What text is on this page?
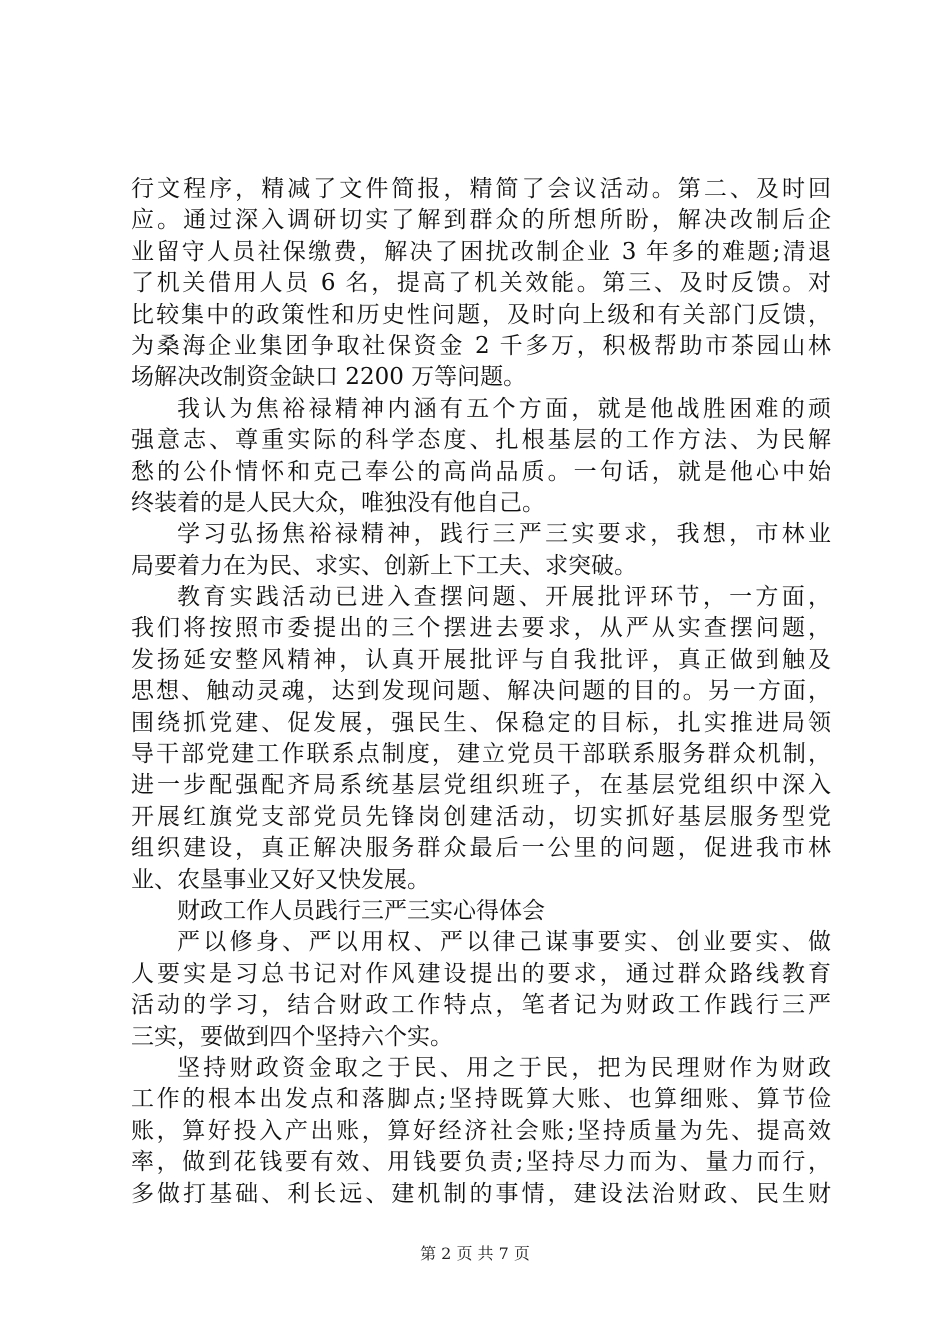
行文程序，精减了文件简报，精简了会议活动。第二、及时回
应。通过深入调研切实了解到群众的所想所盼，解决改制后企
业留守人员社保缴费，解决了困扰改制企业 3 年多的难题;清退
了机关借用人员 6 名，提高了机关效能。第三、及时反馈。对
比较集中的政策性和历史性问题，及时向上级和有关部门反馈，
为桑海企业集团争取社保资金 2 千多万，积极帮助市茶园山林
场解决改制资金缺口 2200 万等问题。
我认为焦裕禄精神内涵有五个方面，就是他战胜困难的顽
强意志、尊重实际的科学态度、扎根基层的工作方法、为民解
愁的公仆情怀和克己奉公的高尚品质。一句话，就是他心中始
终装着的是人民大众，唯独没有他自己。
学习弘扬焦裕禄精神，践行三严三实要求，我想，市林业
局要着力在为民、求实、创新上下工夫、求突破。
教育实践活动已进入查摆问题、开展批评环节，一方面，
我们将按照市委提出的三个摆进去要求，从严从实查摆问题，
发扬延安整风精神，认真开展批评与自我批评，真正做到触及
思想、触动灵魂，达到发现问题、解决问题的目的。另一方面，
围绕抓党建、促发展，强民生、保稳定的目标，扎实推进局领
导干部党建工作联系点制度，建立党员干部联系服务群众机制，
进一步配强配齐局系统基层党组织班子，在基层党组织中深入
开展红旗党支部党员先锋岗创建活动，切实抓好基层服务型党
组织建设，真正解决服务群众最后一公里的问题，促进我市林
业、农垦事业又好又快发展。
财政工作人员践行三严三实心得体会
严以修身、严以用权、严以律己谋事要实、创业要实、做
人要实是习总书记对作风建设提出的要求，通过群众路线教育
活动的学习，结合财政工作特点，笔者记为财政工作践行三严
三实，要做到四个坚持六个实。
坚持财政资金取之于民、用之于民，把为民理财作为财政
工作的根本出发点和落脚点;坚持既算大账、也算细账、算节俭
账，算好投入产出账，算好经济社会账;坚持质量为先、提高效
率，做到花钱要有效、用钱要负责;坚持尽力而为、量力而行，
多做打基础、利长远、建机制的事情，建设法治财政、民生财
第 2 页 共 7 页
